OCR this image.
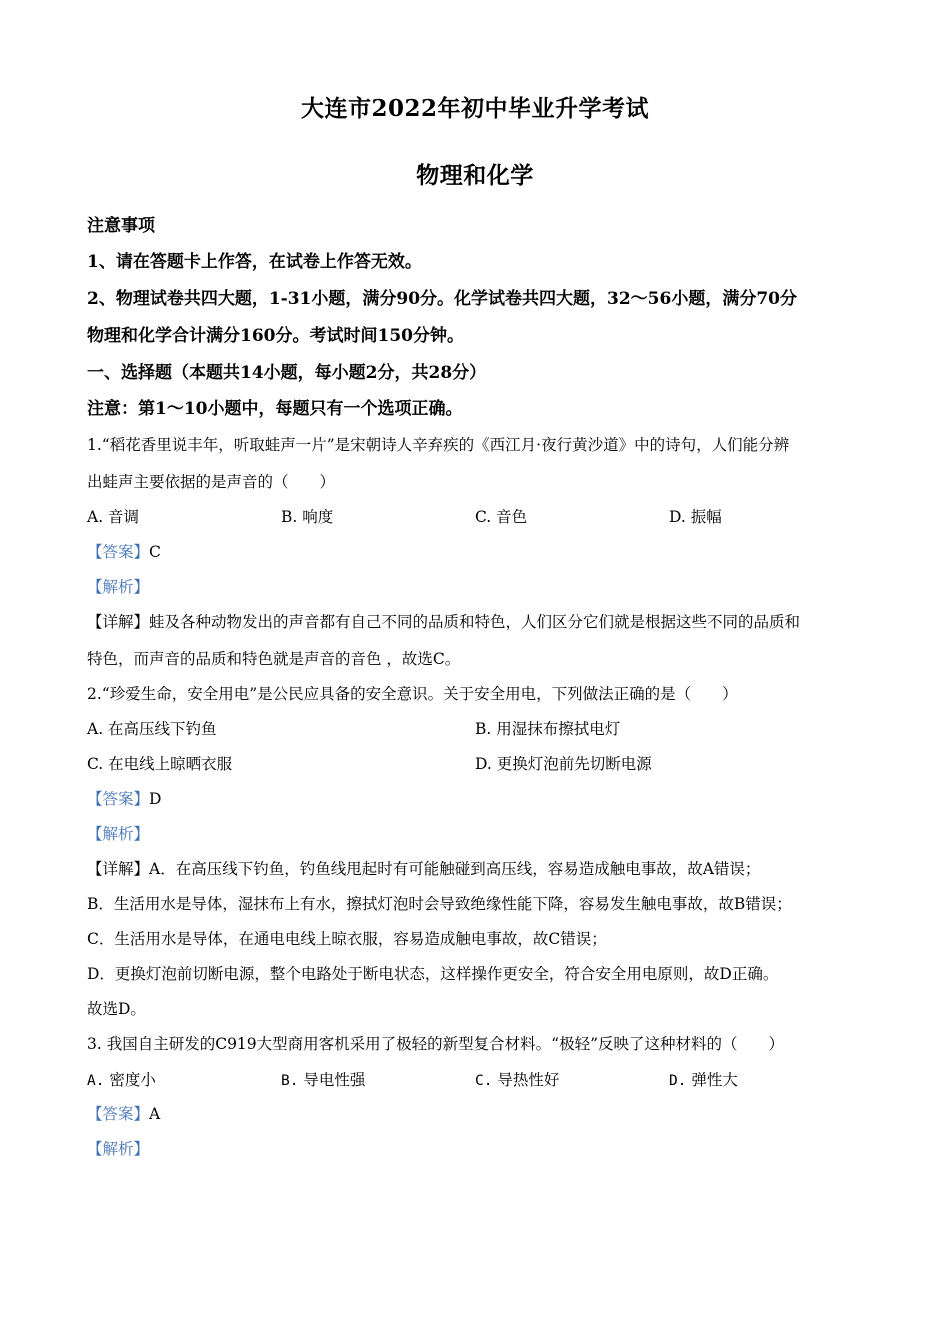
大连市2022年初中毕业升学考试
物理和化学
注意事项
1、请在答题卡上作答，在试卷上作答无效。
2、物理试卷共四大题，1-31小题，满分90分。化学试卷共四大题，32～56小题，满分70分
物理和化学合计满分160分。考试时间150分钟。
一、选择题（本题共14小题，每小题2分，共28分）
注意：第1～10小题中，每题只有一个选项正确。
1.“稻花香里说丰年，听取蛙声一片”是宋朝诗人辛弃疾的《西江月·夜行黄沙道》中的诗句，人们能分辨
出蛙声主要依据的是声音的（　　）
A. 音调	B. 响度	C. 音色	D. 振幅
【答案】C
【解析】
【详解】蛙及各种动物发出的声音都有自己不同的品质和特色，人们区分它们就是根据这些不同的品质和
特色，而声音的品质和特色就是声音的音色 ，故选C。
2.“珍爱生命，安全用电”是公民应具备的安全意识。关于安全用电，下列做法正确的是（　　）
A. 在高压线下钓鱼	B. 用湿抹布擦拭电灯
C. 在电线上晾晒衣服	D. 更换灯泡前先切断电源
【答案】D
【解析】
【详解】A．在高压线下钓鱼，钓鱼线甩起时有可能触碰到高压线，容易造成触电事故，故A错误；
B．生活用水是导体，湿抹布上有水，擦拭灯泡时会导致绝缘性能下降，容易发生触电事故，故B错误；
C．生活用水是导体，在通电电线上晾衣服，容易造成触电事故，故C错误；
D．更换灯泡前切断电源，整个电路处于断电状态，这样操作更安全，符合安全用电原则，故D正确。
故选D。
3. 我国自主研发的C919大型商用客机采用了极轻的新型复合材料。“极轻”反映了这种材料的（　　）
A. 密度小	B. 导电性强	C. 导热性好	D. 弹性大
【答案】A
【解析】
